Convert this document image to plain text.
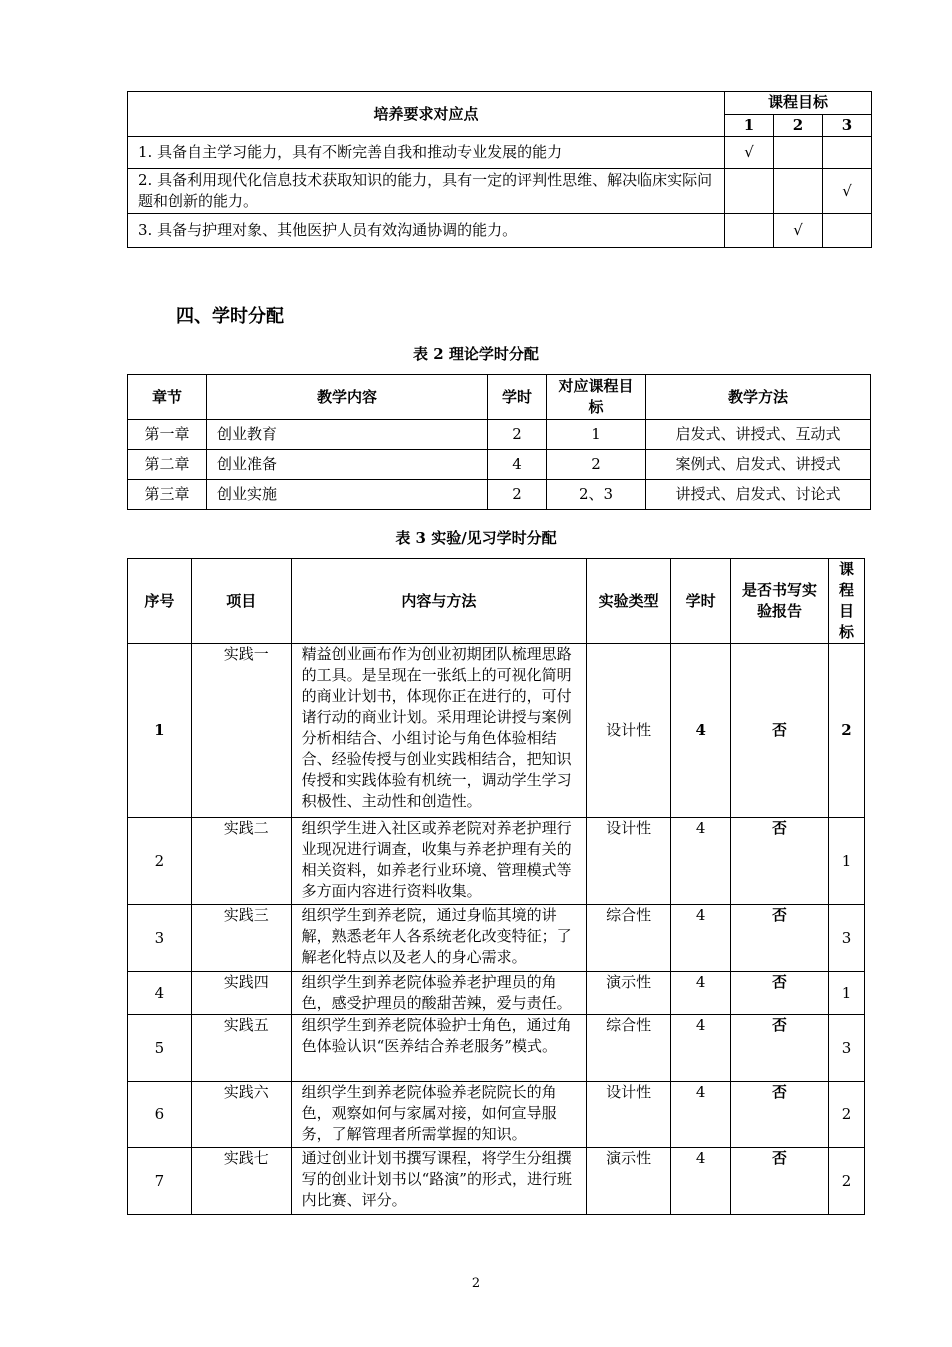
培养要求对应点	课程目标		
	1	2	3
1. 具备自主学习能力，具有不断完善自我和推动专业发展的能力	√		
2. 具备利用现代化信息技术获取知识的能力，具有一定的评判性思维、解决临床实际问题和创新的能力。			√
3. 具备与护理对象、其他医护人员有效沟通协调的能力。		√	
四、学时分配
表 2 理论学时分配
章节	教学内容	学时	对应课程目标	教学方法
第一章	创业教育	2	1	启发式、讲授式、互动式
第二章	创业准备	4	2	案例式、启发式、讲授式
第三章	创业实施	2	2、3	讲授式、启发式、讨论式
表 3 实验/见习学时分配
序号	项目	内容与方法	实验类型	学时	是否书写实验报告	课程目标
1	实践一	精益创业画布作为创业初期团队梳理思路的工具。是呈现在一张纸上的可视化简明的商业计划书，体现你正在进行的，可付诸行动的商业计划。采用理论讲授与案例分析相结合、小组讨论与角色体验相结合、经验传授与创业实践相结合，把知识传授和实践体验有机统一，调动学生学习积极性、主动性和创造性。	设计性	4	否	2
2	实践二	组织学生进入社区或养老院对养老护理行业现况进行调查，收集与养老护理有关的相关资料，如养老行业环境、管理模式等多方面内容进行资料收集。	设计性	4	否	1
3	实践三	组织学生到养老院，通过身临其境的讲解，熟悉老年人各系统老化改变特征；了解老化特点以及老人的身心需求。	综合性	4	否	3
4	实践四	组织学生到养老院体验养老护理员的角色，感受护理员的酸甜苦辣，爱与责任。	演示性	4	否	1
5	实践五	组织学生到养老院体验护士角色，通过角色体验认识“医养结合养老服务”模式。	综合性	4	否	3
6	实践六	组织学生到养老院体验养老院院长的角色，观察如何与家属对接，如何宣导服务，了解管理者所需掌握的知识。	设计性	4	否	2
7	实践七	通过创业计划书撰写课程，将学生分组撰写的创业计划书以“路演”的形式，进行班内比赛、评分。	演示性	4	否	2
2
